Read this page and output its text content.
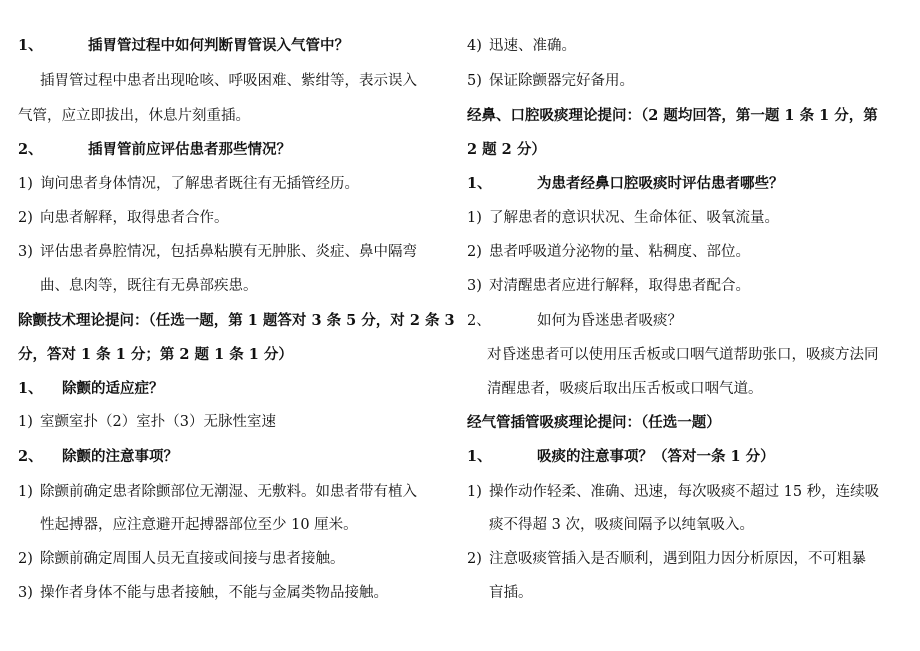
1、	插胃管过程中如何判断胃管误入气管中？
插胃管过程中患者出现呛咳、呼吸困难、紫绀等，表示误入
气管，应立即拔出，休息片刻重插。
2、	插胃管前应评估患者那些情况？
1) 询问患者身体情况，了解患者既往有无插管经历。
2) 向患者解释，取得患者合作。
3) 评估患者鼻腔情况，包括鼻粘膜有无肿胀、炎症、鼻中隔弯
曲、息肉等，既往有无鼻部疾患。
除颤技术理论提问：（任选一题，第 1 题答对 3 条 5 分，对 2 条 3
分，答对 1 条 1 分；第 2 题 1 条 1 分）
1、 除颤的适应症？
1) 室颤室扑（2）室扑（3）无脉性室速
2、 除颤的注意事项？
1) 除颤前确定患者除颤部位无潮湿、无敷料。如患者带有植入
性起搏器，应注意避开起搏器部位至少 10 厘米。
2) 除颤前确定周围人员无直接或间接与患者接触。
3) 操作者身体不能与患者接触，不能与金属类物品接触。
4) 迅速、准确。
5) 保证除颤器完好备用。
经鼻、口腔吸痰理论提问：（2 题均回答，第一题 1 条 1 分，第
2 题 2 分）
1、	为患者经鼻口腔吸痰时评估患者哪些？
1) 了解患者的意识状况、生命体征、吸氧流量。
2) 患者呼吸道分泌物的量、粘稠度、部位。
3) 对清醒患者应进行解释，取得患者配合。
2、	如何为昏迷患者吸痰？
对昏迷患者可以使用压舌板或口咽气道帮助张口，吸痰方法同
清醒患者，吸痰后取出压舌板或口咽气道。
经气管插管吸痰理论提问：（任选一题）
1、	吸痰的注意事项？（答对一条 1 分）
1) 操作动作轻柔、准确、迅速，每次吸痰不超过 15 秒，连续吸
痰不得超 3 次，吸痰间隔予以纯氧吸入。
2) 注意吸痰管插入是否顺利，遇到阻力因分析原因，不可粗暴
盲插。
